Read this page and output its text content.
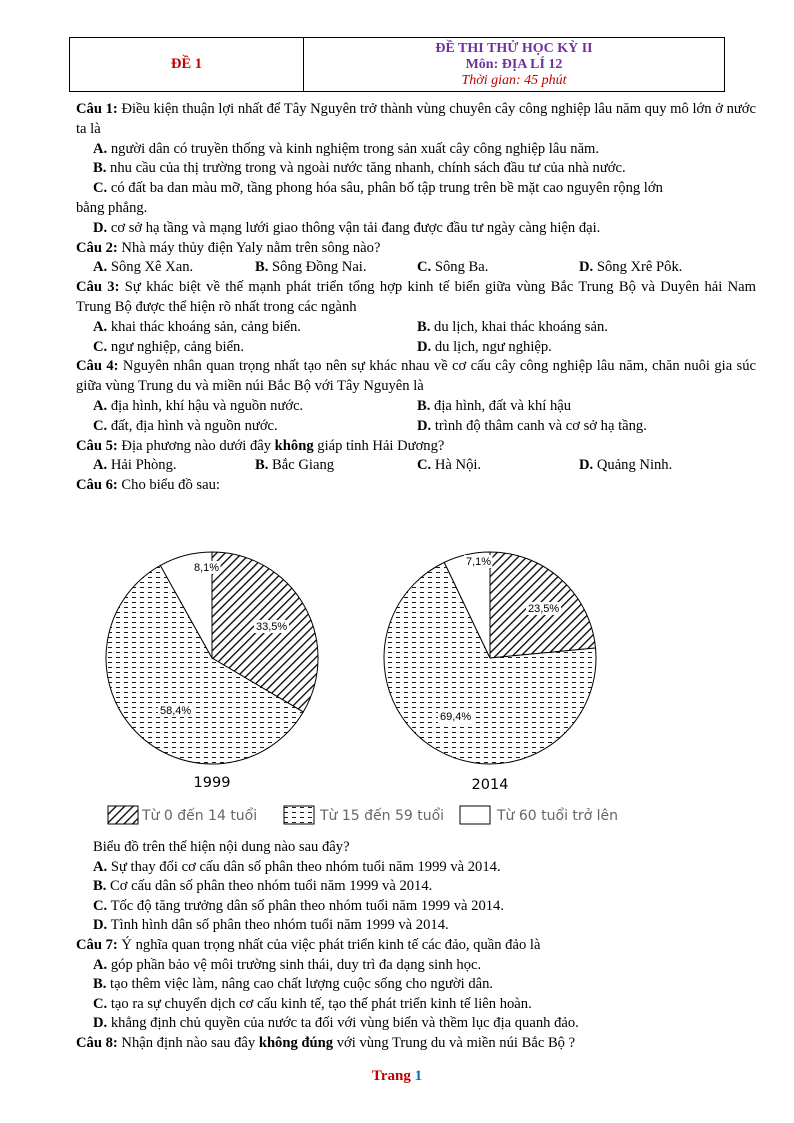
ĐỀ 1
ĐỀ THI THỬ HỌC KỲ II
Môn: ĐỊA LÍ 12
Thời gian: 45 phút

Câu 1: Điều kiện thuận lợi nhất để Tây Nguyên trở thành vùng chuyên cây công nghiệp lâu năm quy mô lớn ở nước ta là

A. người dân có truyền thống và kinh nghiệm trong sản xuất cây công nghiệp lâu năm.

B. nhu cầu của thị trường trong và ngoài nước tăng nhanh, chính sách đầu tư của nhà nước.

C. có đất ba dan màu mỡ, tầng phong hóa sâu, phân bố tập trung trên bề mặt cao nguyên rộng lớn

bằng phẳng.

D. cơ sở hạ tầng và mạng lưới giao thông vận tải đang được đầu tư ngày càng hiện đại.

Câu 2: Nhà máy thủy điện Yaly nằm trên sông nào?

A. Sông Xê Xan.	B. Sông Đồng Nai.	C. Sông Ba.	D. Sông Xrê Pôk.

Câu 3: Sự khác biệt về thế mạnh phát triển tổng hợp kinh tế biển giữa vùng Bắc Trung Bộ và Duyên hải Nam Trung Bộ được thể hiện rõ nhất trong các ngành

A. khai thác khoáng sản, cảng biển.	B. du lịch, khai thác khoáng sản.
C. ngư nghiệp, cảng biển.	D. du lịch, ngư nghiệp.

Câu 4: Nguyên nhân quan trọng nhất tạo nên sự khác nhau về cơ cấu cây công nghiệp lâu năm, chăn nuôi gia súc giữa vùng Trung du và miền núi Bắc Bộ với Tây Nguyên là

A. địa hình, khí hậu và nguồn nước.	B. địa hình, đất và khí hậu
C. đất, địa hình và nguồn nước.	D. trình độ thâm canh và cơ sở hạ tầng.

Câu 5: Địa phương nào dưới đây không giáp tỉnh Hải Dương?

A. Hải Phòng.	B. Bắc Giang	C. Hà Nội.	D. Quảng Ninh.

Câu 6: Cho biểu đồ sau:

33,5%
58,4%
8,1%
1999
23,5%
69,4%
7,1%
2014
Từ 0 đến 14 tuổi	Từ 15 đến 59 tuổi	Từ 60 tuổi trở lên

Biểu đồ trên thể hiện nội dung nào sau đây?

A. Sự thay đổi cơ cấu dân số phân theo nhóm tuổi năm 1999 và 2014.

B. Cơ cấu dân số phân theo nhóm tuổi năm 1999 và 2014.

C. Tốc độ tăng trưởng dân số phân theo nhóm tuổi năm 1999 và 2014.

D. Tình hình dân số phân theo nhóm tuổi năm 1999 và 2014.

Câu 7: Ý nghĩa quan trọng nhất của việc phát triển kinh tế các đảo, quần đảo là

A. góp phần bảo vệ môi trường sinh thái, duy trì đa dạng sinh học.

B. tạo thêm việc làm, nâng cao chất lượng cuộc sống cho người dân.

C. tạo ra sự chuyển dịch cơ cấu kinh tế, tạo thế phát triển kinh tế liên hoàn.

D. khẳng định chủ quyền của nước ta đối với vùng biển và thềm lục địa quanh đảo.

Câu 8: Nhận định nào sau đây không đúng với vùng Trung du và miền núi Bắc Bộ ?

Trang 1
